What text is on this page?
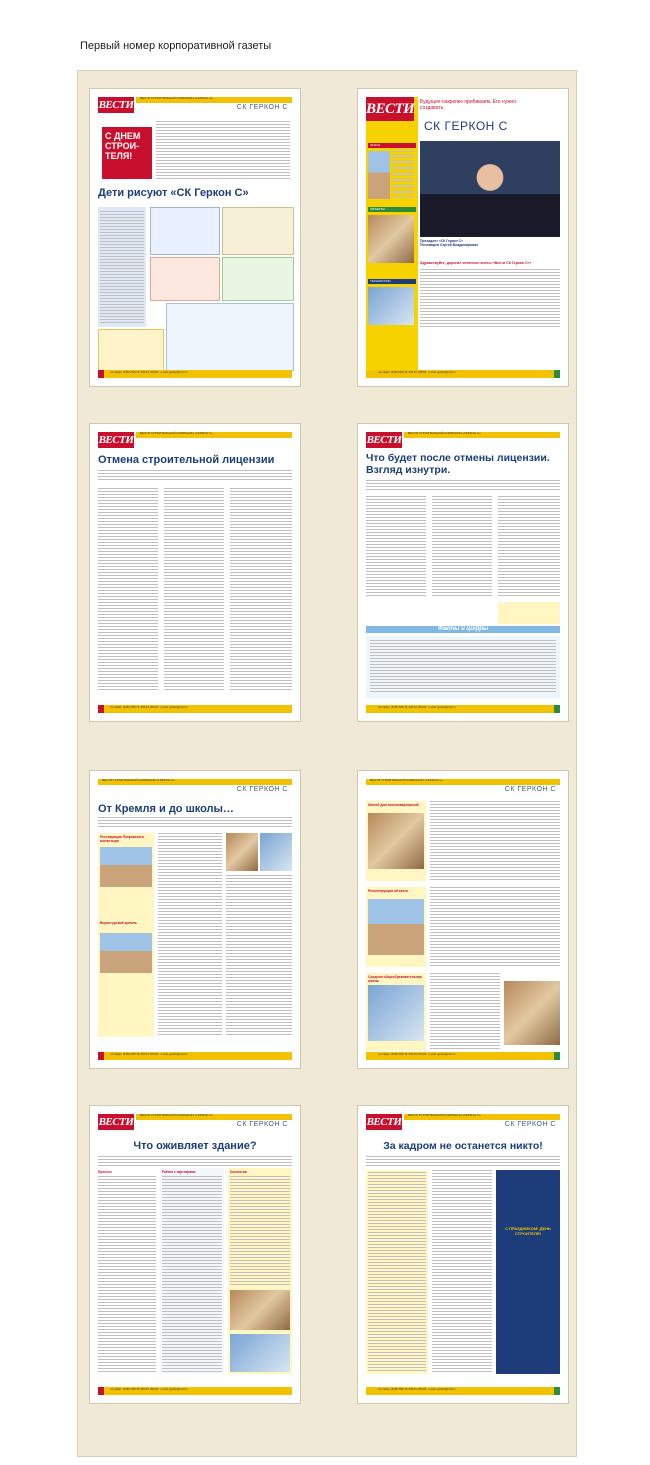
Первый номер корпоративной газеты
ВЕСТИ
ВЕСТИ СТРОИТЕЛЬНОЙ КОМПАНИИ «ГЕРКОН С»
СК ГЕРКОН С
С ДНЕМ СТРОИ-ТЕЛЯ!
Дети рисуют «СК Геркон С»
тел./факс: (3452) 505-79, 505-81, 505-82 · e-mail: gerkon@mail.ru
ВЕСТИ Будущее накрепко прибиваем. Его нужно создавать
СК ГЕРКОН С
ЗАКОН
ОБЪЕКТЫ
ТЕХНОЛОГИИ
Президент «СК Геркон С» Пономарев Сергей Владимирович
Здравствуйте, дорогие читатели газеты «Вести СК Геркон С»!
тел./факс: (3452) 505-79, 505-81, 505-82 · e-mail: gerkon@mail.ru
ВЕСТИ
ВЕСТИ СТРОИТЕЛЬНОЙ КОМПАНИИ «ГЕРКОН С»
Отмена строительной лицензии
тел./факс: (3452) 505-79, 505-81, 505-82 · e-mail: gerkon@mail.ru
ВЕСТИ
ВЕСТИ СТРОИТЕЛЬНОЙ КОМПАНИИ «ГЕРКОН С»
Что будет после отмены лицензии. Взгляд изнутри.
Факты и цифры
тел./факс: (3452) 505-79, 505-81, 505-82 · e-mail: gerkon@mail.ru
ВЕСТИ СТРОИТЕЛЬНОЙ КОМПАНИИ «ГЕРКОН С»
СК ГЕРКОН С
От Кремля и до школы…
Реставрация Покровского монастыря
Верхотурский кремль
тел./факс: (3452) 505-79, 505-81, 505-82 · e-mail: gerkon@mail.ru
ВЕСТИ СТРОИТЕЛЬНОЙ КОМПАНИИ «ГЕРКОН С»
СК ГЕРКОН С
Жилой дом многоквартирный
Реконструкция объекта
Средняя общеобразовательная школа
тел./факс: (3452) 505-79, 505-81, 505-82 · e-mail: gerkon@mail.ru
ВЕСТИ
ВЕСТИ СТРОИТЕЛЬНОЙ КОМПАНИИ «ГЕРКОН С»
СК ГЕРКОН С
Что оживляет здание?
Проекты	Работа с партнерами	Коллектив
тел./факс: (3452) 505-79, 505-81, 505-82 · e-mail: gerkon@mail.ru
ВЕСТИ
ВЕСТИ СТРОИТЕЛЬНОЙ КОМПАНИИ «ГЕРКОН С»
СК ГЕРКОН С
За кадром не останется никто!
С ПРАЗДНИКОМ! ДЕНЬ СТРОИТЕЛЯ!
тел./факс: (3452) 505-79, 505-81, 505-82 · e-mail: gerkon@mail.ru
